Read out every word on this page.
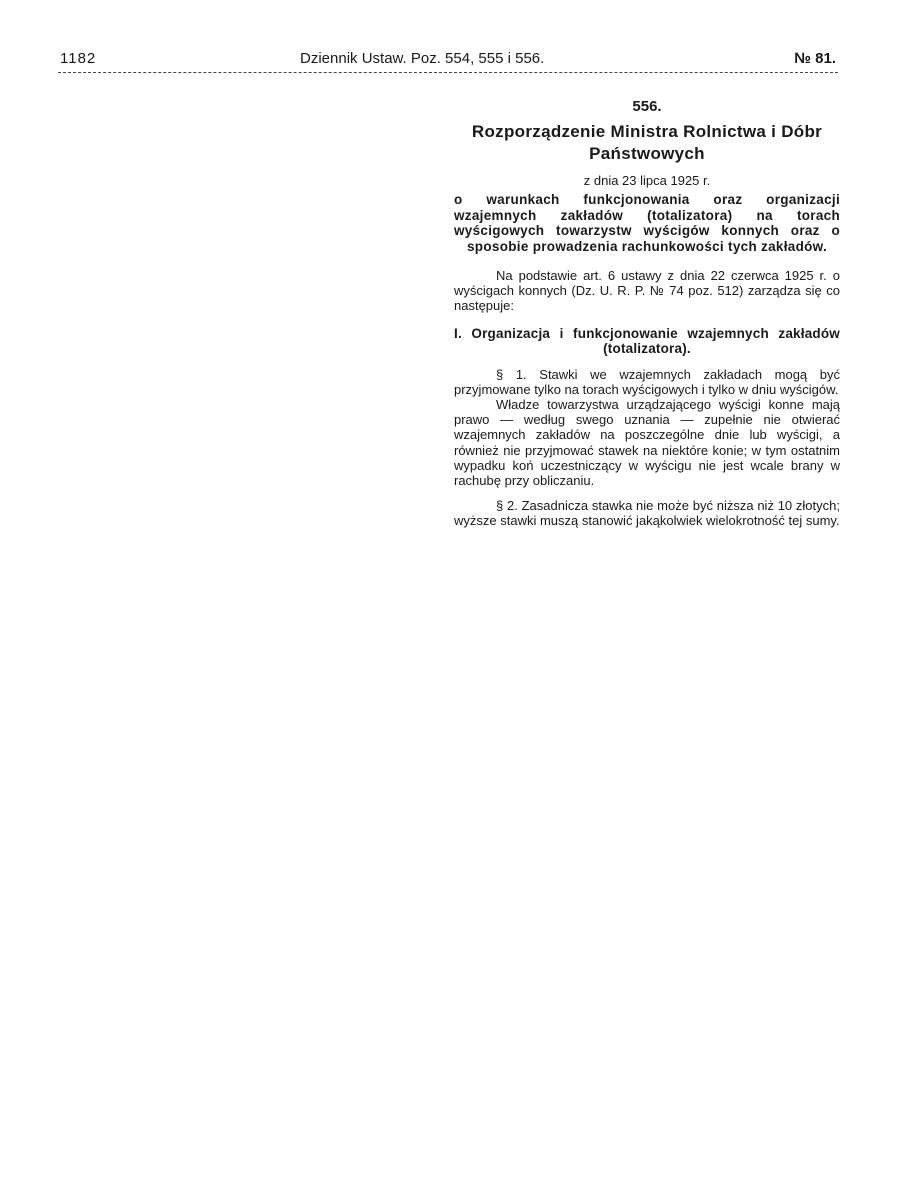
1182	Dziennik Ustaw. Poz. 554, 555 i 556.	№ 81.
556.
Rozporządzenie Ministra Rolnictwa i Dóbr Państwowych
z dnia 23 lipca 1925 r.
o warunkach funkcjonowania oraz organizacji wzajemnych zakładów (totalizatora) na torach wyścigowych towarzystw wyścigów konnych oraz o sposobie prowadzenia rachunkowości tych zakładów.

Na podstawie art. 6 ustawy z dnia 22 czerwca 1925 r. o wyścigach konnych (Dz. U. R. P. № 74 poz. 512) zarządza się co następuje:

I. Organizacja i funkcjonowanie wzajemnych zakładów (totalizatora).

§ 1. Stawki we wzajemnych zakładach mogą być przyjmowane tylko na torach wyścigowych i tylko w dniu wyścigów.

Władze towarzystwa urządzającego wyścigi konne mają prawo — według swego uznania — zupełnie nie otwierać wzajemnych zakładów na poszczególne dnie lub wyścigi, a również nie przyjmować stawek na niektóre konie; w tym ostatnim wypadku koń uczestniczący w wyścigu nie jest wcale brany w rachubę przy obliczaniu.

§ 2. Zasadnicza stawka nie może być niższa niż 10 złotych; wyższe stawki muszą stanowić jakąkolwiek wielokrotność tej sumy.
